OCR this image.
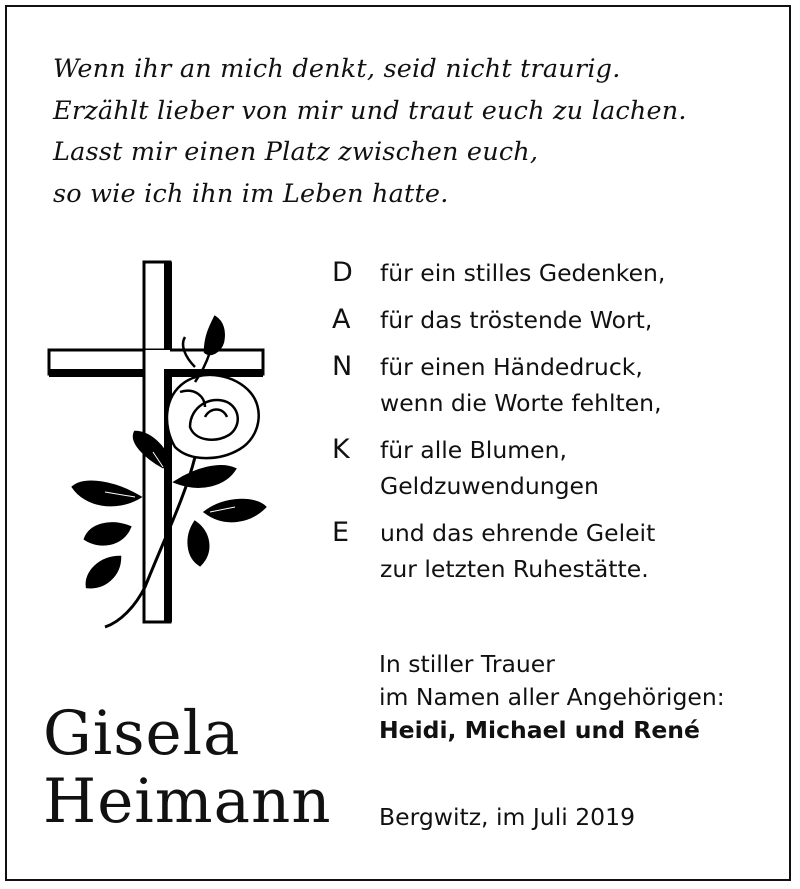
Wenn ihr an mich denkt, seid nicht traurig.
Erzählt lieber von mir und traut euch zu lachen.
Lasst mir einen Platz zwischen euch,
so wie ich ihn im Leben hatte.
D	für ein stilles Gedenken,
A	für das tröstende Wort,
N	für einen Händedruck,
wenn die Worte fehlten,
K	für alle Blumen,
Geldzuwendungen
E	und das ehrende Geleit
zur letzten Ruhestätte.
In stiller Trauer
im Namen aller Angehörigen:
Heidi, Michael und René
Gisela
Heimann Bergwitz, im Juli 2019
